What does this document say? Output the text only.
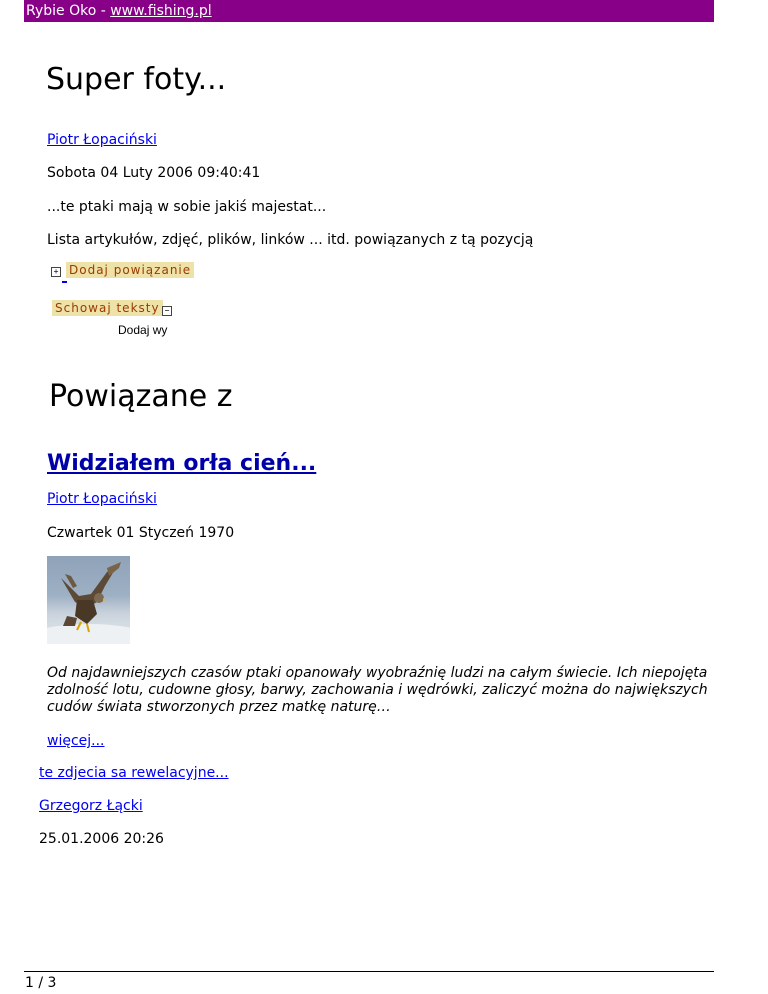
Rybie Oko - www.fishing.pl
Super foty...
Piotr Łopaciński
Sobota 04 Luty 2006 09:40:41
...te ptaki mają w sobie jakiś majestat...
Lista artykułów, zdjęć, plików, linków ... itd. powiązanych z tą pozycją
+ Dodaj powiązanie
Schowaj teksty −
Dodaj wy
Powiązane z
Widziałem orła cień...
Piotr Łopaciński
Czwartek 01 Styczeń 1970
Od najdawniejszych czasów ptaki opanowały wyobraźnię ludzi na całym świecie. Ich niepojęta zdolność lotu, cudowne głosy, barwy, zachowania i wędrówki, zaliczyć można do największych cudów świata stworzonych przez matkę naturę…
więcej...
te zdjecia sa rewelacyjne...
Grzegorz Łącki
25.01.2006 20:26
1 / 3
